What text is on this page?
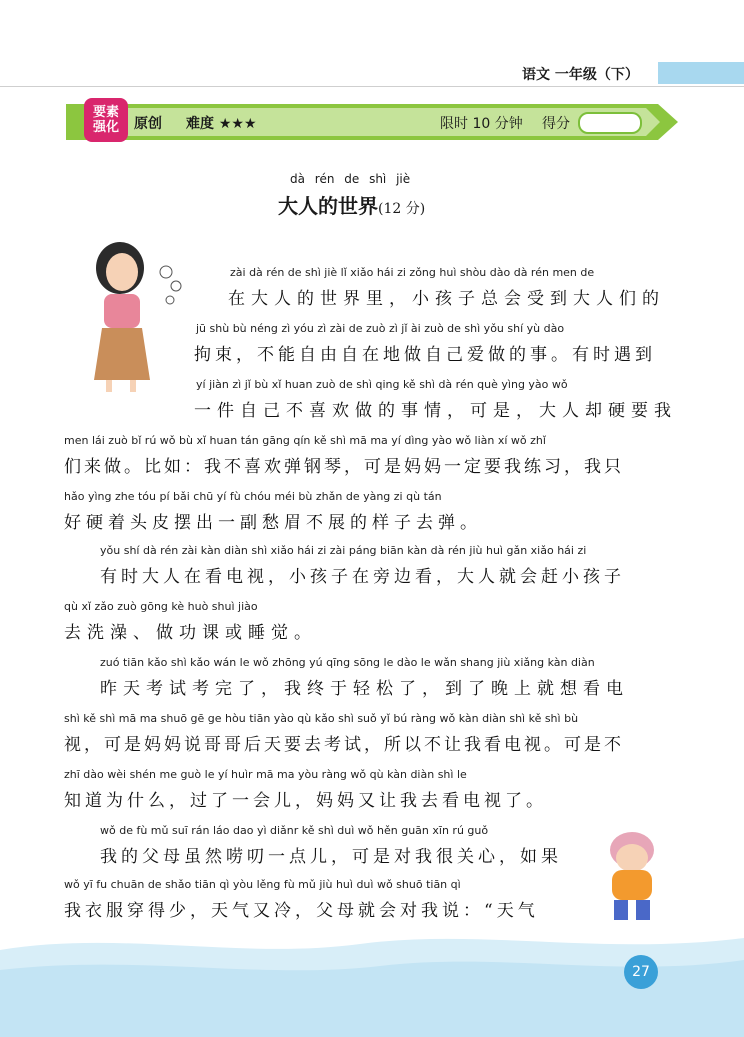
语文 一年级（下）
要素
强化 原创 难度 ★★★	限时 10 分钟 得分
dà rén de shì jiè
大人的世界(12 分)
zài dà rén de shì jiè lǐ xiǎo hái zi zǒng huì shòu dào dà rén men de
在大人的世界里，小孩子总会受到大人们的
jū shù bù néng zì yóu zì zài de zuò zì jǐ ài zuò de shì yǒu shí yù dào
拘束，不能自由自在地做自己爱做的事。有时遇到
yí jiàn zì jǐ bù xǐ huan zuò de shì qing kě shì dà rén què yìng yào wǒ
一件自己不喜欢做的事情，可是，大人却硬要我
men lái zuò bǐ rú wǒ bù xǐ huan tán gāng qín kě shì mā ma yí dìng yào wǒ liàn xí wǒ zhǐ
们来做。比如：我不喜欢弹钢琴，可是妈妈一定要我练习，我只
hǎo yìng zhe tóu pí bǎi chū yí fù chóu méi bù zhǎn de yàng zi qù tán
好硬着头皮摆出一副愁眉不展的样子去弹。
yǒu shí dà rén zài kàn diàn shì xiǎo hái zi zài páng biān kàn dà rén jiù huì gǎn xiǎo hái zi
有时大人在看电视，小孩子在旁边看，大人就会赶小孩子
qù xǐ zǎo zuò gōng kè huò shuì jiào
去洗澡、做功课或睡觉。
zuó tiān kǎo shì kǎo wán le wǒ zhōng yú qīng sōng le dào le wǎn shang jiù xiǎng kàn diàn
昨天考试考完了，我终于轻松了，到了晚上就想看电
shì kě shì mā ma shuō gē ge hòu tiān yào qù kǎo shì suǒ yǐ bú ràng wǒ kàn diàn shì kě shì bù
视，可是妈妈说哥哥后天要去考试，所以不让我看电视。可是不
zhī dào wèi shén me guò le yí huìr mā ma yòu ràng wǒ qù kàn diàn shì le
知道为什么，过了一会儿，妈妈又让我去看电视了。
wǒ de fù mǔ suī rán láo dao yì diǎnr kě shì duì wǒ hěn guān xīn rú guǒ
我的父母虽然唠叨一点儿，可是对我很关心，如果
wǒ yī fu chuān de shǎo tiān qì yòu lěng fù mǔ jiù huì duì wǒ shuō tiān qì
我衣服穿得少，天气又冷，父母就会对我说：“天气
27
